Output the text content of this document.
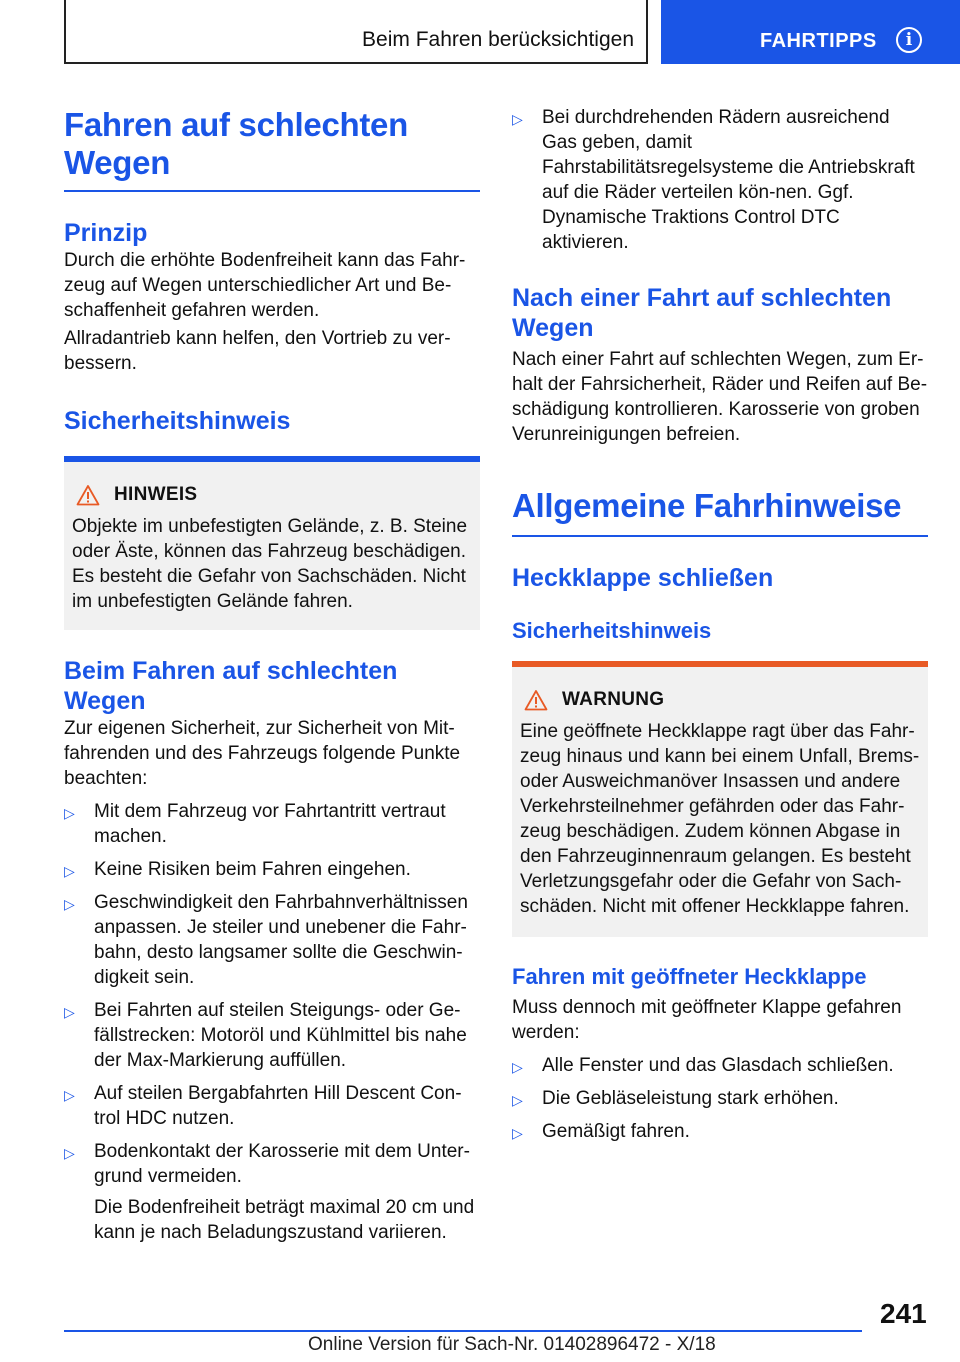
Beim Fahren berücksichtigen	FAHRTIPPS	i
Fahren auf schlechten Wegen
Prinzip

Durch die erhöhte Bodenfreiheit kann das Fahr-zeug auf Wegen unterschiedlicher Art und Be-schaffenheit gefahren werden.

Allradantrieb kann helfen, den Vortrieb zu ver-bessern.

Sicherheitshinweis
HINWEIS

Objekte im unbefestigten Gelände, z. B. Steine oder Äste, können das Fahrzeug beschädigen. Es besteht die Gefahr von Sachschäden. Nicht im unbefestigten Gelände fahren.

Beim Fahren auf schlechten Wegen

Zur eigenen Sicherheit, zur Sicherheit von Mit-fahrenden und des Fahrzeugs folgende Punkte beachten:

▷ Mit dem Fahrzeug vor Fahrtantritt vertraut machen.
▷ Keine Risiken beim Fahren eingehen.
▷ Geschwindigkeit den Fahrbahnverhältnissen anpassen. Je steiler und unebener die Fahr-bahn, desto langsamer sollte die Geschwin-digkeit sein.
▷ Bei Fahrten auf steilen Steigungs- oder Ge-fällstrecken: Motoröl und Kühlmittel bis nahe der Max-Markierung auffüllen.
▷ Auf steilen Bergabfahrten Hill Descent Con-trol HDC nutzen.
▷ Bodenkontakt der Karosserie mit dem Unter-grund vermeiden.
Die Bodenfreiheit beträgt maximal 20 cm und kann je nach Beladungszustand variieren.
▷ Bei durchdrehenden Rädern ausreichend Gas geben, damit Fahrstabilitätsregelsysteme die Antriebskraft auf die Räder verteilen kön-nen. Ggf. Dynamische Traktions Control DTC aktivieren.
Nach einer Fahrt auf schlechten Wegen

Nach einer Fahrt auf schlechten Wegen, zum Er-halt der Fahrsicherheit, Räder und Reifen auf Be-schädigung kontrollieren. Karosserie von groben Verunreinigungen befreien.

Allgemeine Fahrhinweise
Heckklappe schließen
Sicherheitshinweis
WARNUNG

Eine geöffnete Heckklappe ragt über das Fahr-zeug hinaus und kann bei einem Unfall, Brems- oder Ausweichmanöver Insassen und andere Verkehrsteilnehmer gefährden oder das Fahr-zeug beschädigen. Zudem können Abgase in den Fahrzeuginnenraum gelangen. Es besteht Verletzungsgefahr oder die Gefahr von Sach-schäden. Nicht mit offener Heckklappe fahren.

Fahren mit geöffneter Heckklappe

Muss dennoch mit geöffneter Klappe gefahren werden:

▷ Alle Fenster und das Glasdach schließen.
▷ Die Gebläseleistung stark erhöhen.
▷ Gemäßigt fahren.
241
Online Version für Sach-Nr. 01402896472 - X/18
